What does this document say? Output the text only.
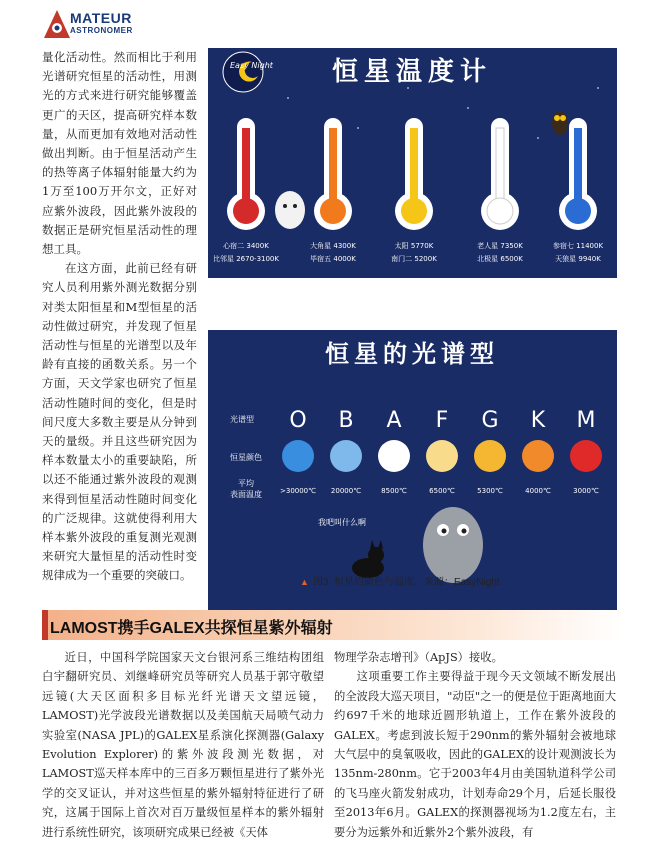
MATEUR
ASTRONOMER

量化活动性。然而相比于利用光谱研究恒星的活动性，用测光的方式来进行研究能够覆盖更广的天区，提高研究样本数量，从而更加有效地对活动性做出判断。由于恒星活动产生的热等离子体辐射能量大约为1万至100万开尔文，正好对应紫外波段，因此紫外波段的数据正是研究恒星活动性的理想工具。

在这方面，此前已经有研究人员利用紫外测光数据分别对类太阳恒星和M型恒星的活动性做过研究，并发现了恒星活动性与恒星的光谱型以及年龄有直接的函数关系。另一个方面，天文学家也研究了恒星活动性随时间的变化，但是时间尺度大多数主要是从分钟到天的量级。并且这些研究因为样本数量太小的重要缺陷，所以还不能通过紫外波段的观测来得到恒星活动性随时间变化的广泛规律。这就使得利用大样本紫外波段的重复测光观测来研究大量恒星的活动性时变规律成为一个重要的突破口。

Easy Night 恒星温度计
心宿二 3400K
比邻星 2670-3100K
大角星 4300K
毕宿五 4000K
太阳 5770K
南门二 5200K
老人星 7350K
北极星 6500K
参宿七 11400K
天狼星 9940K
恒星的光谱型
光谱型
恒星颜色
平均
表面温度
O
>30000℃
B
20000℃
A
8500℃
F
6500℃
G
5300℃
K
4000℃
M
3000℃
我吧叫什么啊
▲ 图3 恒星的颜色与温度。来源：EasyNight
LAMOST携手GALEX共探恒星紫外辐射

近日，中国科学院国家天文台银河系三维结构团组白宇翻研究员、刘继峰研究员等研究人员基于郭守敬望远镜(大天区面积多目标光纤光谱天文望远镜，LAMOST)光学波段光谱数据以及美国航天局喷气动力实验室(NASA JPL)的GALEX星系演化探测器(Galaxy Evolution Explorer)的紫外波段测光数据，对LAMOST巡天样本库中的三百多万颗恒星进行了紫外光学的交叉证认，并对这些恒星的紫外辐射特征进行了研究，这属于国际上首次对百万量级恒星样本的紫外辐射进行系统性研究，该项研究成果已经被《天体

物理学杂志增刊》（ApJS）接收。

这项重要工作主要得益于现今天文领域不断发展出的全波段大巡天项目，"动臣"之一的便是位于距离地面大约697千米的地球近圆形轨道上，工作在紫外波段的GALEX。考虑到波长短于290nm的紫外辐射会被地球大气层中的臭氧吸收，因此的GALEX的设计观测波长为135nm-280nm。它于2003年4月由美国轨道科学公司的飞马座火箭发射成功，计划寿命29个月，后延长服役至2013年6月。GALEX的探测器视场为1.2度左右，主要分为远紫外和近紫外2个紫外波段，有
